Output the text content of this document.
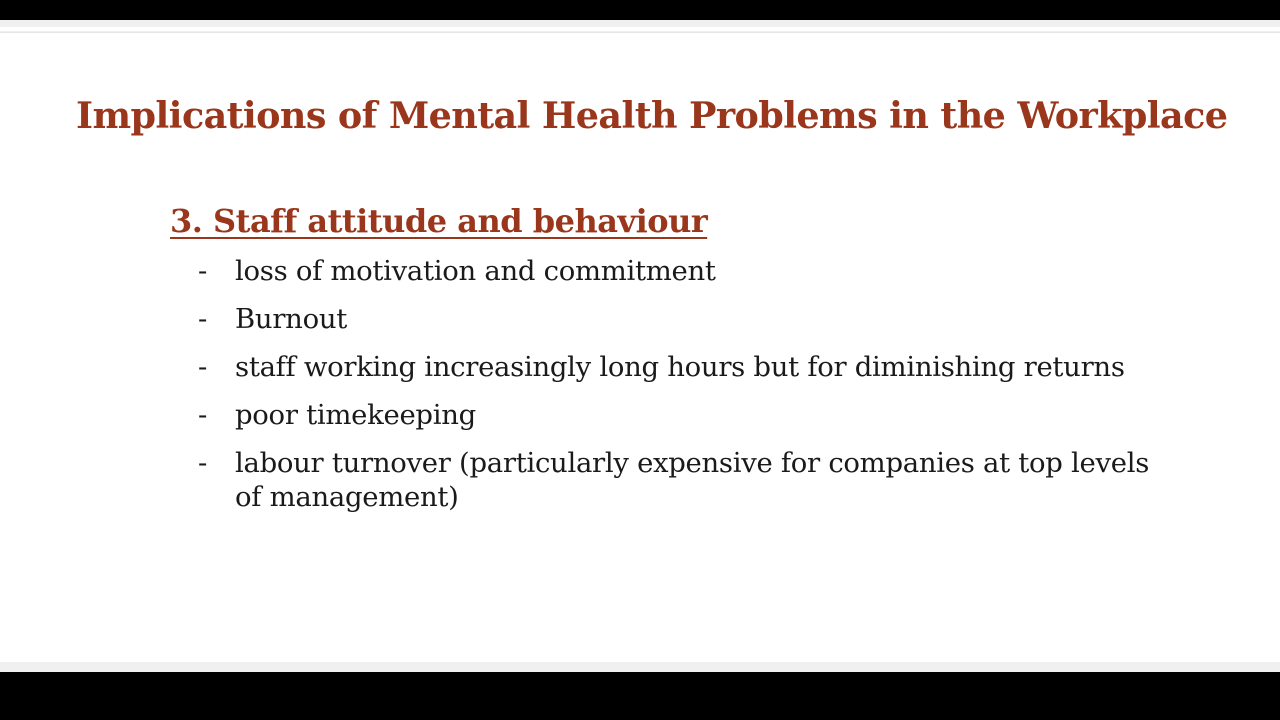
Implications of Mental Health Problems in the Workplace
3. Staff attitude and behaviour
- loss of motivation and commitment
- Burnout
- staff working increasingly long hours but for diminishing returns
- poor timekeeping
- labour turnover (particularly expensive for companies at top levels of management)
